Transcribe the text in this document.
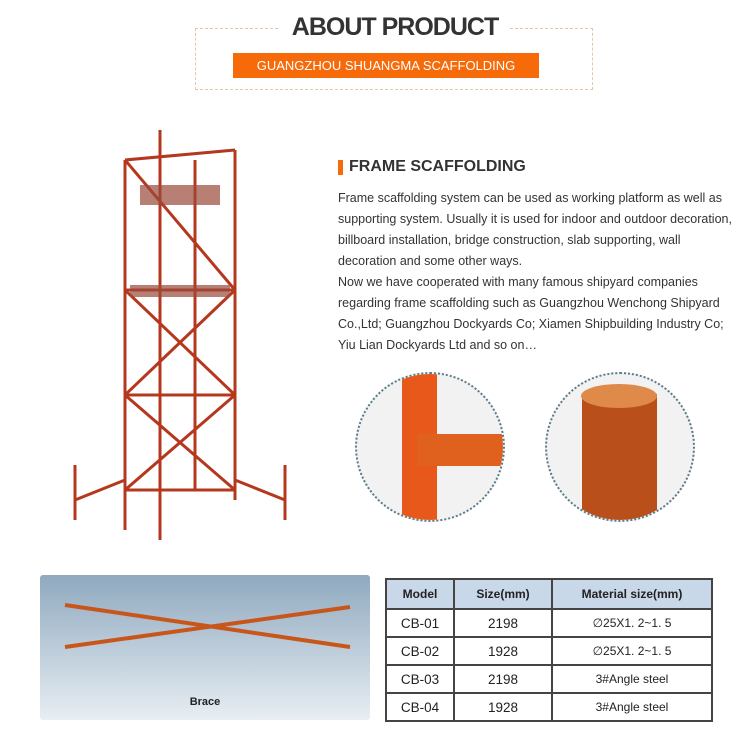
ABOUT PRODUCT
GUANGZHOU SHUANGMA SCAFFOLDING
FRAME SCAFFOLDING

Frame scaffolding system can be used as working platform as well as supporting system. Usually it is used for indoor and outdoor decoration, billboard installation, bridge construction, slab supporting, wall decoration and some other ways.

Now we have cooperated with many famous shipyard companies regarding frame scaffolding such as Guangzhou Wenchong Shipyard Co.,Ltd; Guangzhou Dockyards Co; Xiamen Shipbuilding Industry Co; Yiu Lian Dockyards Ltd and so on…

Brace
Model	Size(mm)	Material size(mm)
CB-01	2198	∅25X1. 2~1. 5
CB-02	1928	∅25X1. 2~1. 5
CB-03	2198	3#Angle steel
CB-04	1928	3#Angle steel
